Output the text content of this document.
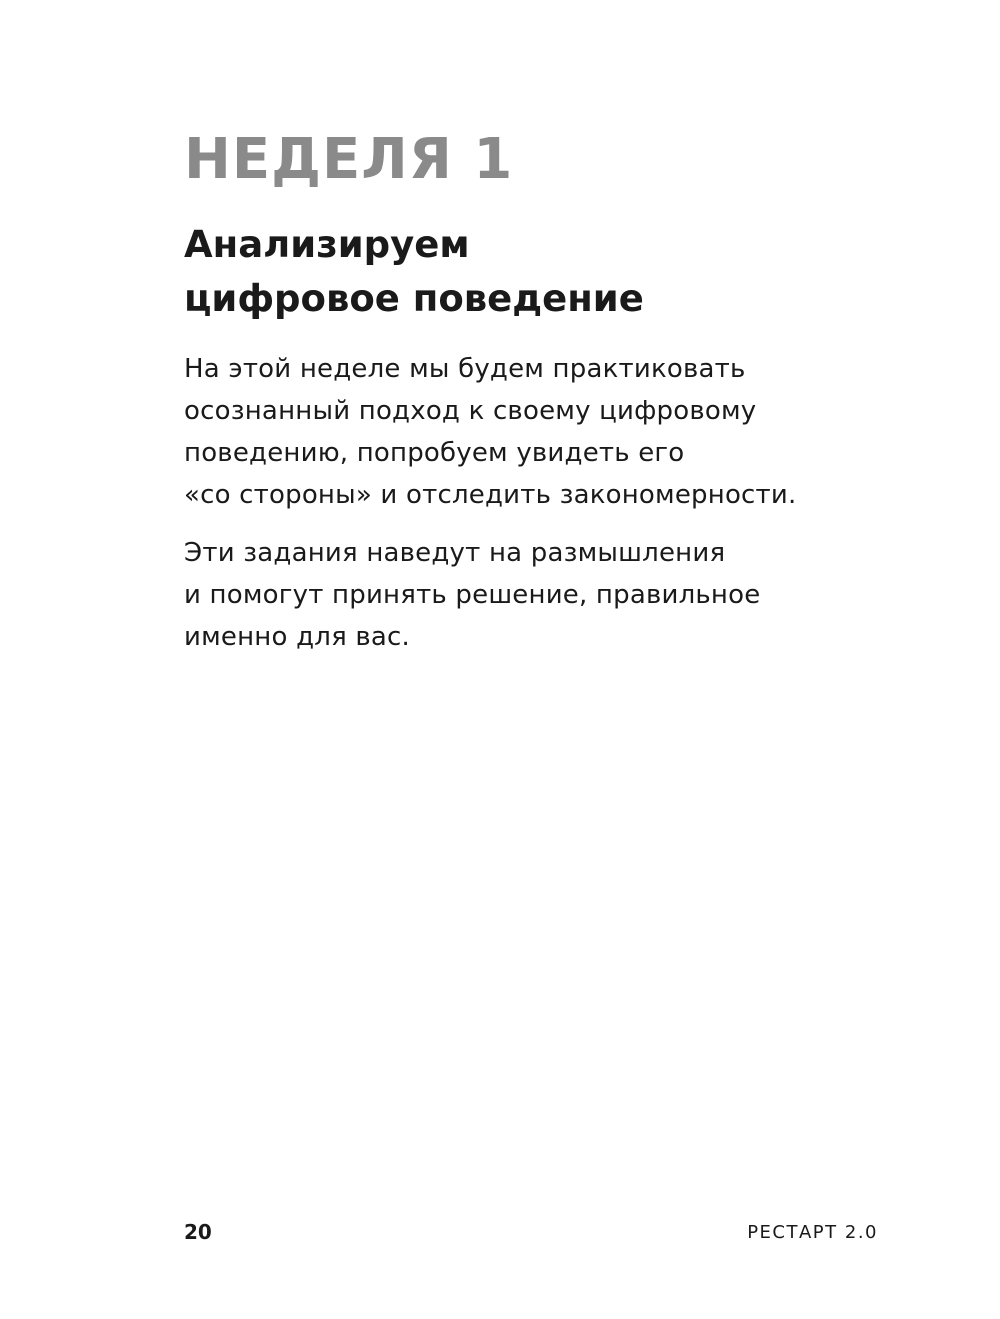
НЕДЕЛЯ 1
Анализируем
цифровое поведение

На этой неделе мы будем практиковать
осознанный подход к своему цифровому
поведению, попробуем увидеть его
«со стороны» и отследить закономерности.

Эти задания наведут на размышления
и помогут принять решение, правильное
именно для вас.

20	РЕСТАРТ 2.0
